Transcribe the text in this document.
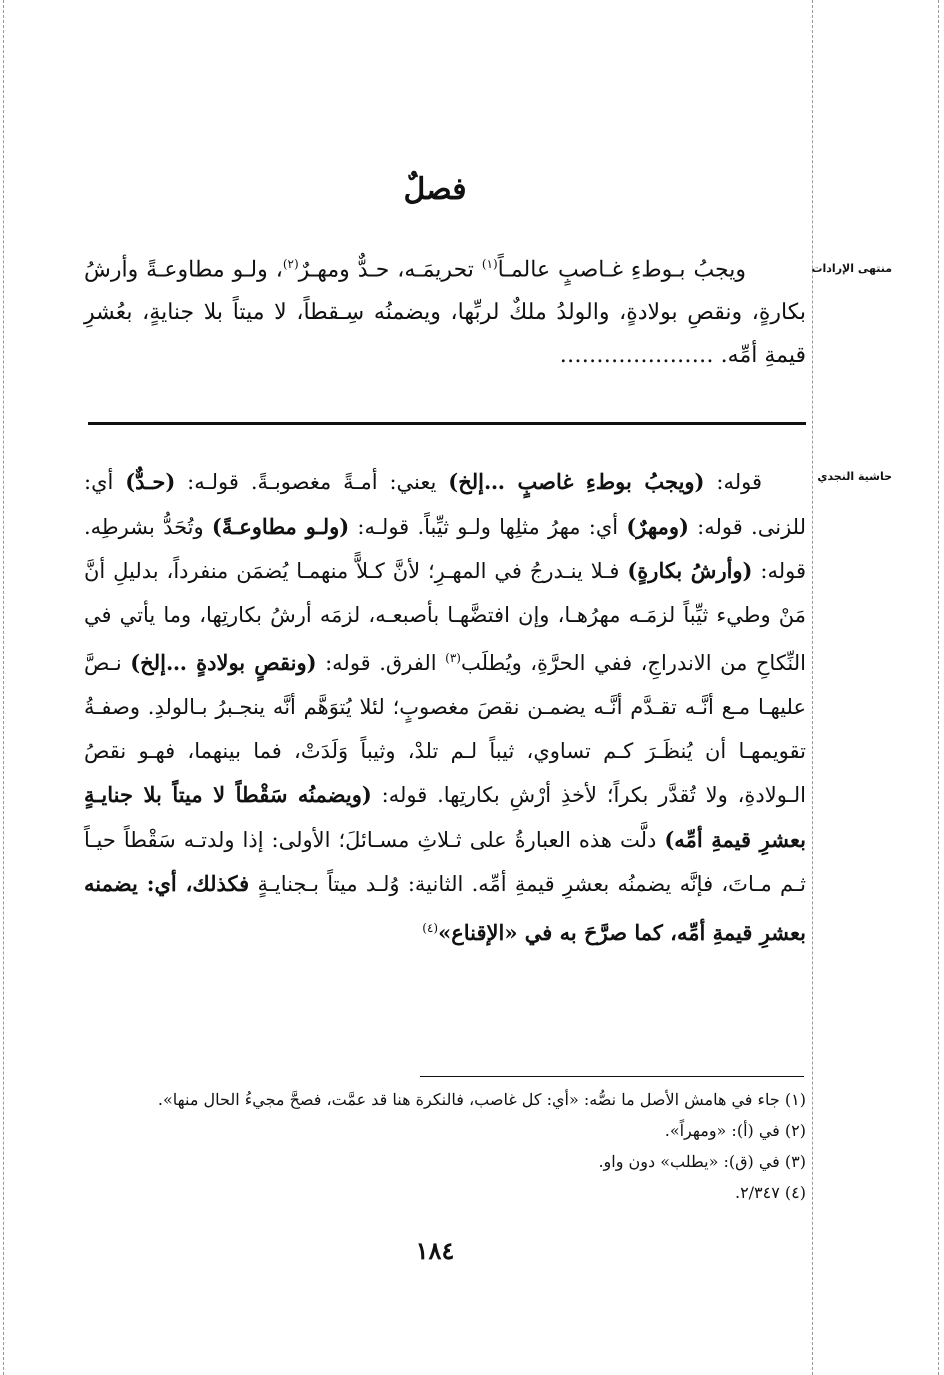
فصلٌ
منتهى الإرادات

ويجبُ بـوطءِ غـاصبٍ عالمـاً$^{(١)}$ تحريمَـه، حـدٌّ ومهـرٌ$^{(٢)}$، ولـو مطاوعـةً وأرشُ بكارةٍ، ونقصِ بولادةٍ، والولدُ ملكٌ لربِّها، ويضمنُه سِـقطاً، لا ميتاً بلا جنايةٍ، بعُشرِ قيمةِ أمِّه. …………………

حاشية النجدي

قوله: (ويجبُ بوطءِ غاصبٍ …إلخ) يعني: أمـةً مغصوبـةً. قولـه: (حـدٌّ) أي: للزنى. قوله: (ومهرٌ) أي: مهرُ مثلِها ولـو ثيِّباً. قولـه: (ولـو مطاوعـةً) وتُحَدُّ بشرطِه. قوله: (وأرشُ بكارةٍ) فـلا ينـدرجُ في المهـرِ؛ لأنَّ كـلاًّ منهمـا يُضمَن منفرداً، بدليلِ أنَّ مَنْ وطيء ثيِّباً لزمَـه مهرُهـا، وإن افتضَّهـا بأصبعـه، لزمَه أرشُ بكارتِها، وما يأتي في النِّكاحِ من الاندراجِ، ففي الحرَّةِ، ويُطلَب$^{(٣)}$ الفرق. قوله: (ونقصٍ بولادةٍ …إلخ) نـصَّ عليهـا مـع أنَّـه تقـدَّم أنَّـه يضمـن نقصَ مغصوبٍ؛ لئلا يُتوَهَّم أنَّه ينجـبرُ بـالولدِ. وصفـةُ تقويمهـا أن يُنظَـرَ كـم تساوي، ثيباً لـم تلدْ، وثيباً وَلَدَتْ، فما بينهما، فهـو نقصُ الـولادةِ، ولا تُقدَّر بكراً؛ لأخذِ أرْشِ بكارتِها. قوله: (ويضمنُه سَقْطاً لا ميتاً بلا جنايـةٍ بعشرِ قيمةِ أمِّه) دلَّت هذه العبارةُ على ثـلاثِ مسـائلَ؛ الأولى: إذا ولدتـه سَقْطاً حيـاً ثـم مـاتَ، فإنَّه يضمنُه بعشرِ قيمةِ أمِّه. الثانية: وُلـد ميتاً بـجنايـةٍ فكذلك، أي: يضمنه بعشرِ قيمةِ أمِّه، كما صرَّحَ به في «الإقناع»$^{(٤)}$

(١) جاء في هامش الأصل ما نصُّه: «أي: كل غاصب، فالنكرة هنا قد عمَّت، فصحَّ مجيءُ الحال منها».

(٢) في (أ): «ومهراً».

(٣) في (ق): «يطلب» دون واو.

(٤) ٢/٣٤٧.

١٨٤
